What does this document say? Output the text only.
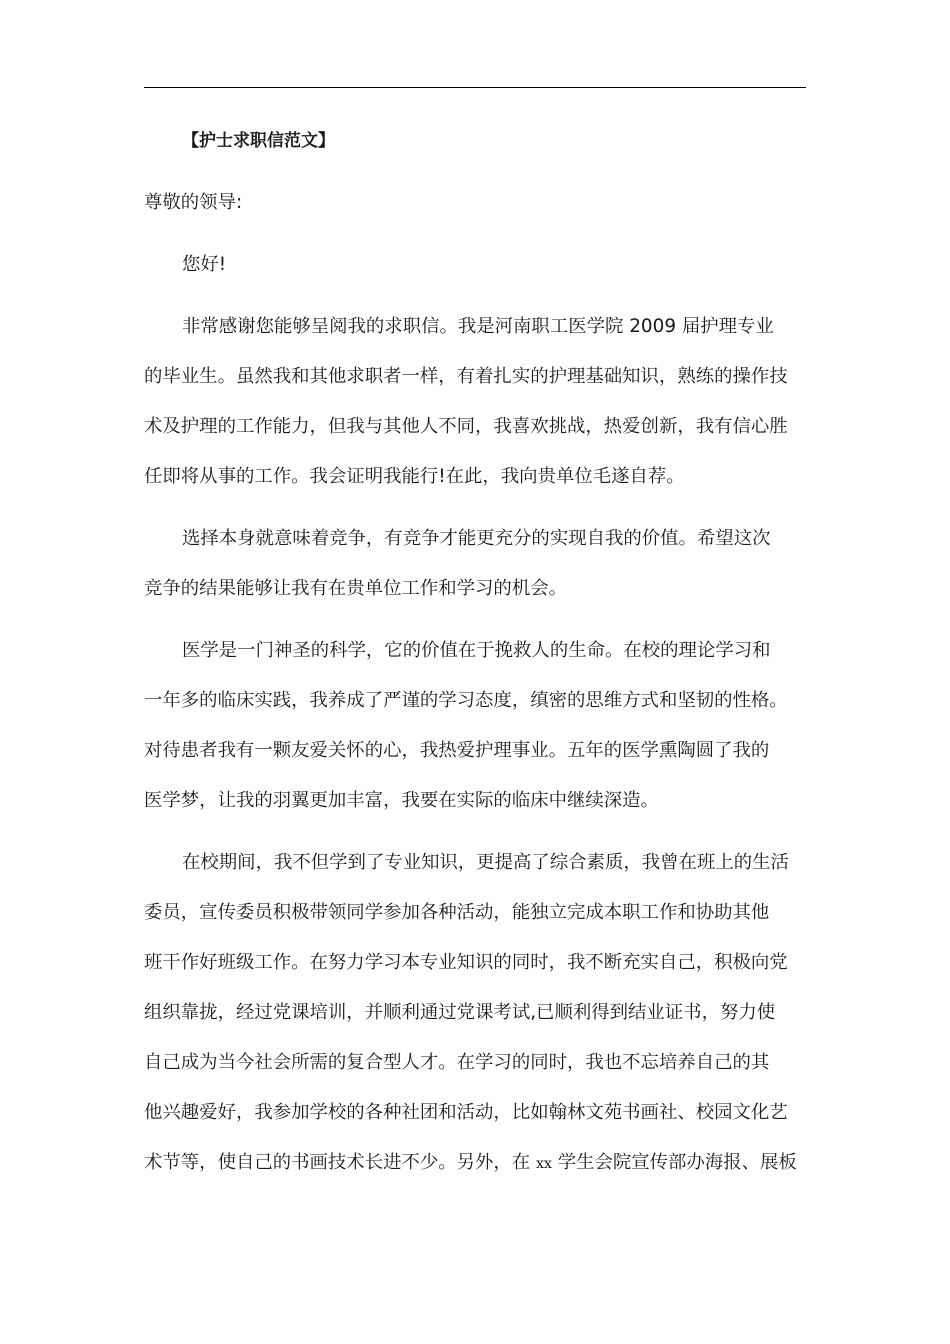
【护士求职信范文】
尊敬的领导:
您好!
非常感谢您能够呈阅我的求职信。我是河南职工医学院 2009 届护理专业
的毕业生。虽然我和其他求职者一样，有着扎实的护理基础知识，熟练的操作技
术及护理的工作能力，但我与其他人不同，我喜欢挑战，热爱创新，我有信心胜
任即将从事的工作。我会证明我能行!在此，我向贵单位毛遂自荐。
选择本身就意味着竞争，有竞争才能更充分的实现自我的价值。希望这次
竞争的结果能够让我有在贵单位工作和学习的机会。
医学是一门神圣的科学，它的价值在于挽救人的生命。在校的理论学习和
一年多的临床实践，我养成了严谨的学习态度，缜密的思维方式和坚韧的性格。
对待患者我有一颗友爱关怀的心，我热爱护理事业。五年的医学熏陶圆了我的
医学梦，让我的羽翼更加丰富，我要在实际的临床中继续深造。
在校期间，我不但学到了专业知识，更提高了综合素质，我曾在班上的生活
委员，宣传委员积极带领同学参加各种活动，能独立完成本职工作和协助其他
班干作好班级工作。在努力学习本专业知识的同时，我不断充实自己，积极向党
组织靠拢，经过党课培训，并顺利通过党课考试,已顺利得到结业证书，努力使
自己成为当今社会所需的复合型人才。在学习的同时，我也不忘培养自己的其
他兴趣爱好，我参加学校的各种社团和活动，比如翰林文苑书画社、校园文化艺
术节等，使自己的书画技术长进不少。另外，在 xx 学生会院宣传部办海报、展板
